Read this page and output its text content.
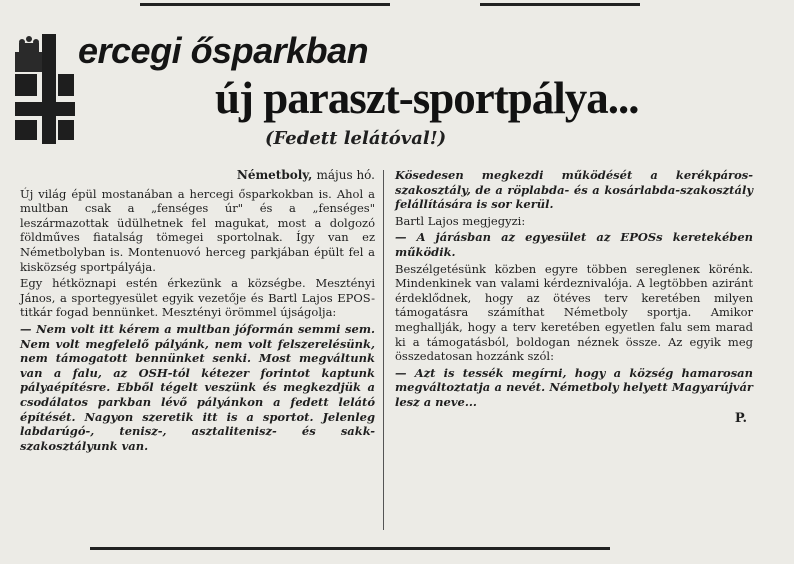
ercegi ősparkban
új paraszt-sportpálya...
(Fedett lelátóval!)
Németboly, május hó.

Új világ épül mostanában a hercegi ősparkokban is. Ahol a multban csak a „fenséges úr" és a „fenséges" leszármazottak üdülhetnek fel magukat, most a dolgozó földműves fiatalság tömegei sportolnak. Így van ez Németbolyban is. Montenuovó herceg parkjában épült fel a kisközség sportpályája.

Egy hétköznapi estén érkezünk a községbe. Mesztényi János, a sportegyesület egyik vezetője és Bartl Lajos EPOS-titkár fogad bennünket. Mesztényi örömmel újságolja:

— Nem volt itt kérem a multban jóformán semmi sem. Nem volt megfelelő pályánk, nem volt felszerelésünk, nem támogatott bennünket senki. Most megváltunk van a falu, az OSH-tól kétezer forintot kaptunk pályaépítésre. Ebből tégelt veszünk és megkezdjük a csodálatos parkban lévő pályánkon a fedett lelátó építését. Nagyon szeretik itt is a sportot. Jelenleg labdarúgó-, tenisz-, asztalitenisz- és sakk-szakosztályunk van.

Kösedesen megkezdi működését a kerékpáros-szakosztály, de a röplabda- és a kosárlabda-szakosztály felállítására is sor kerül.

Bartl Lajos megjegyzi:

— A járásban az egyesület az EPOSs keretekében működik.

Beszélgetésünk közben egyre többen seregleneк körénk. Mindenkinek van valami kérdeznivalója. A legtöbben aziránt érdeklődnek, hogy az ötéves terv keretében milyen támogatásra számíthat Németboly sportja. Amikor meghallják, hogy a terv keretében egyetlen falu sem marad ki a támogatásból, boldogan néznek össze. Az egyik meg összedatosan hozzánk szól:

— Azt is tessék megírni, hogy a község hamarosan megváltoztatja a nevét. Németboly helyett Magyarújvár lesz a neve...

P.
